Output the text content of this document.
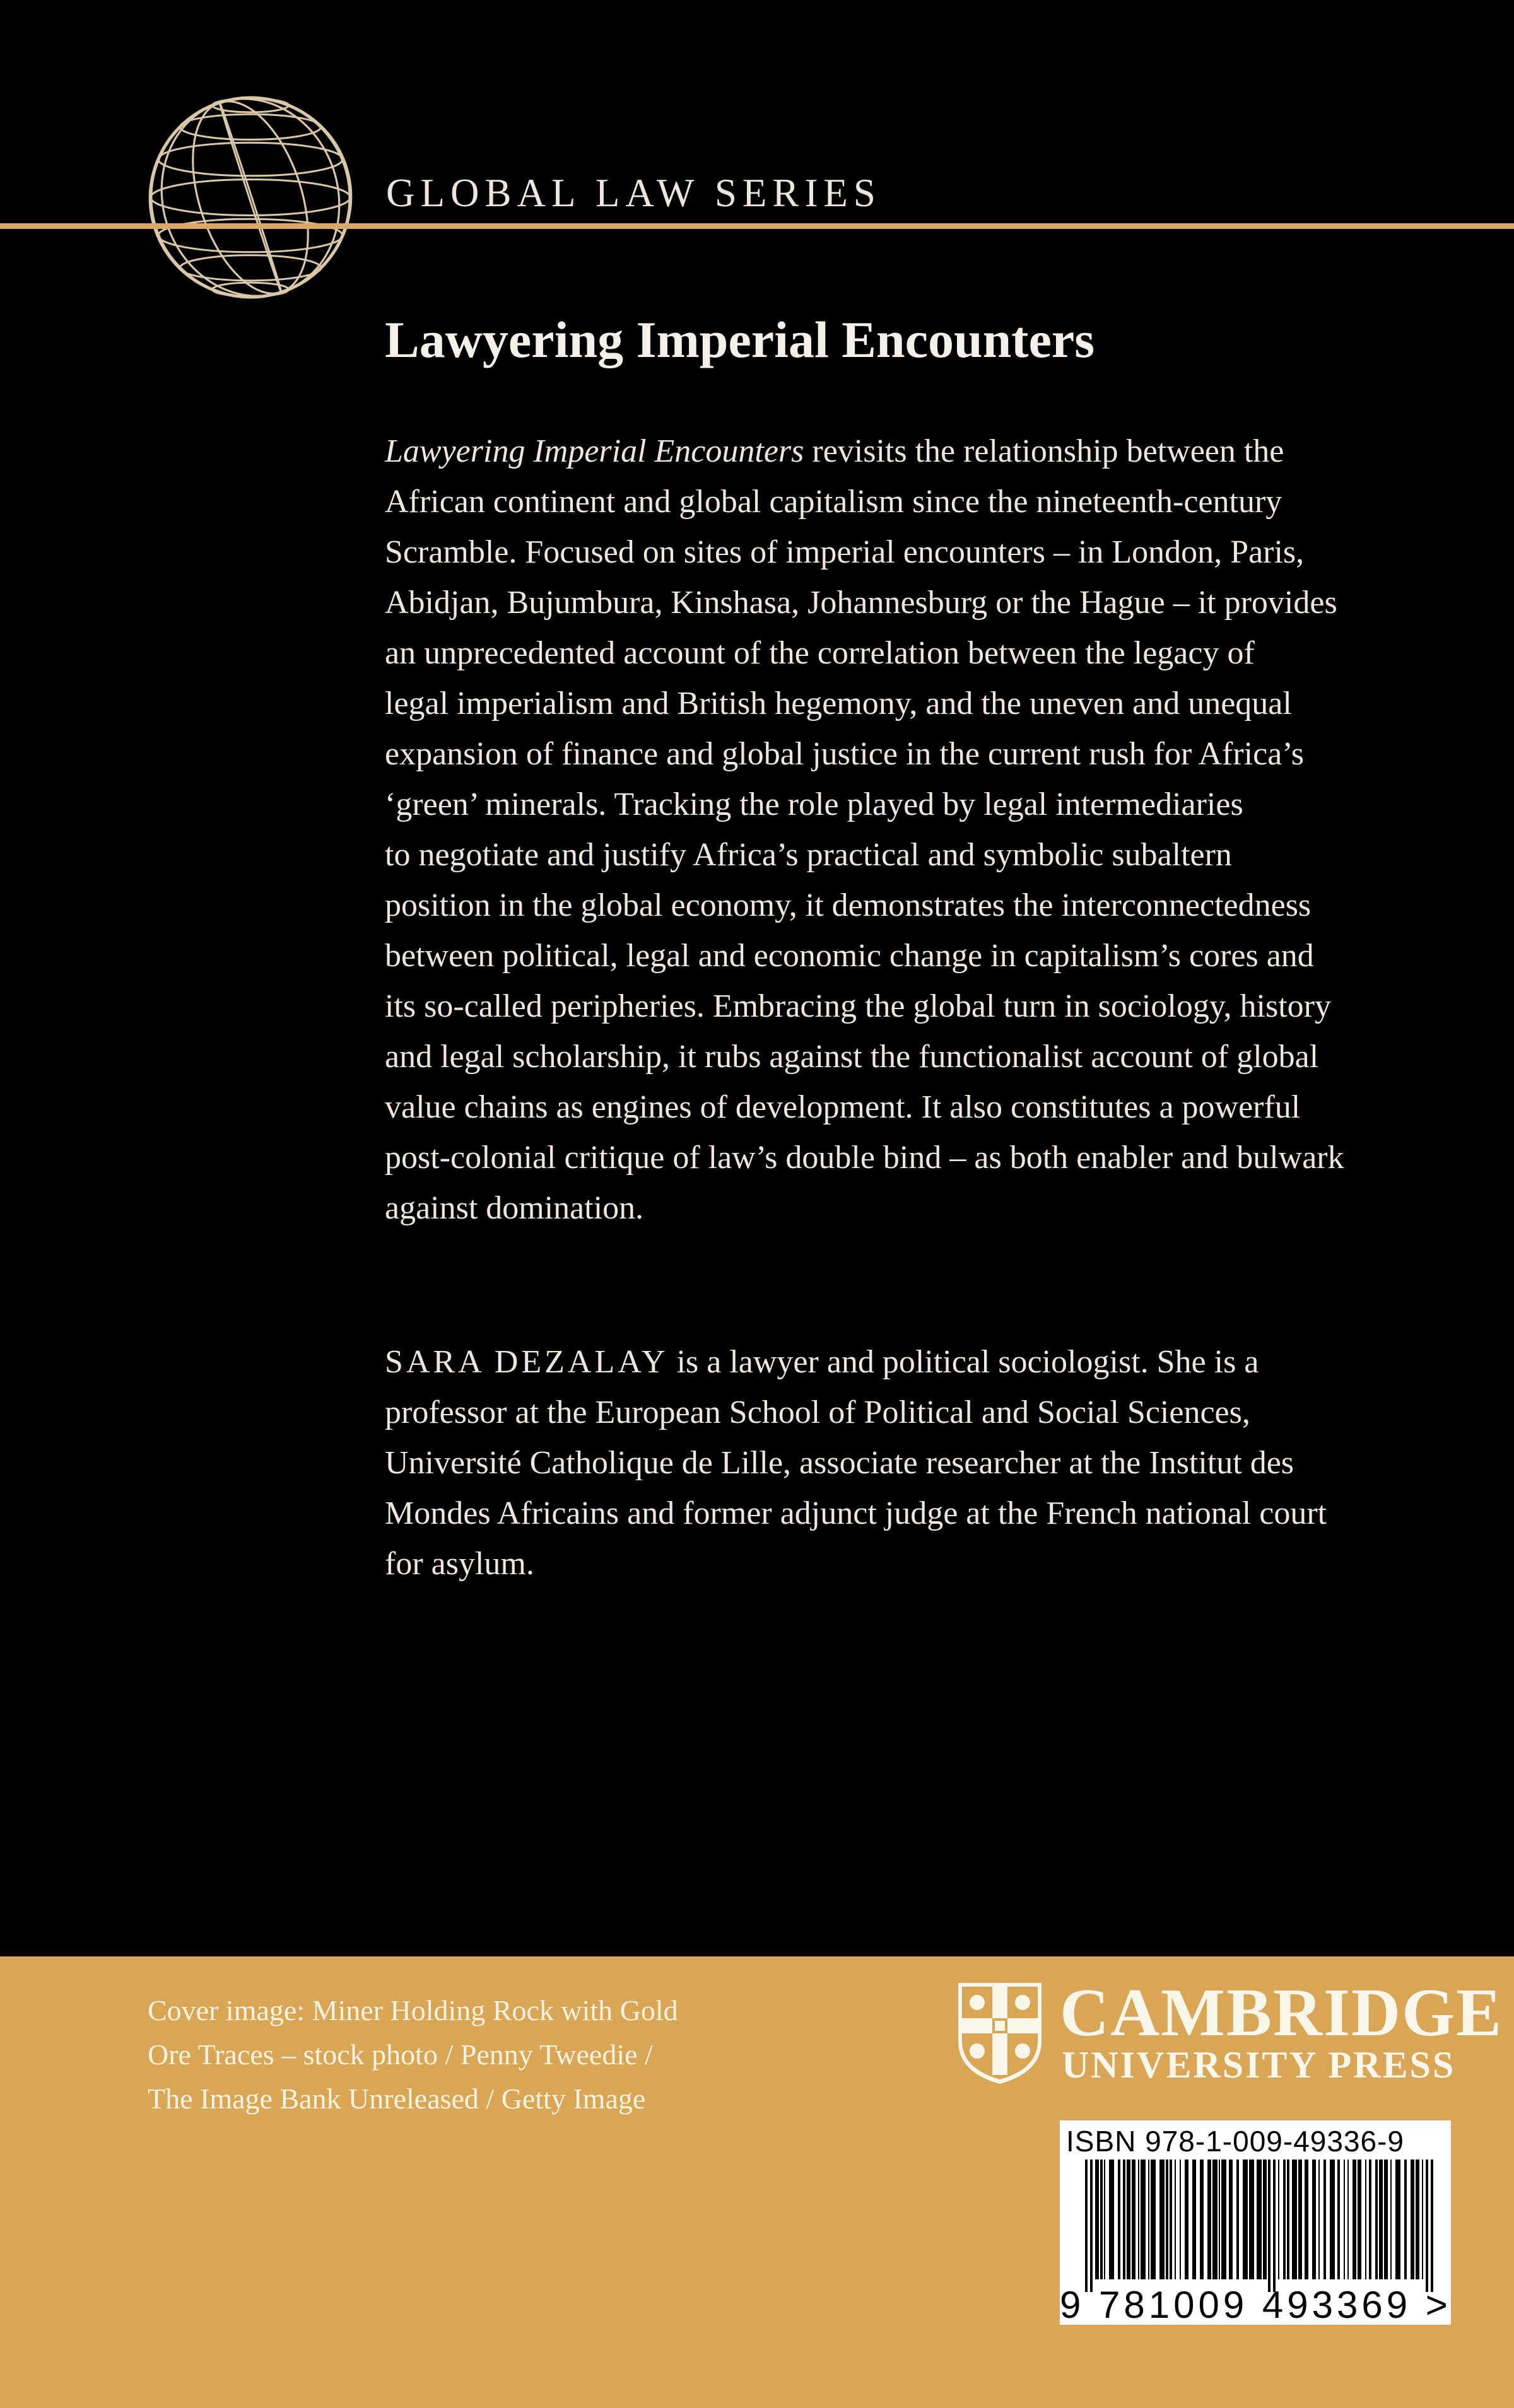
GLOBAL LAW SERIES
Lawyering Imperial Encounters
Lawyering Imperial Encounters revisits the relationship between the
African continent and global capitalism since the nineteenth-century
Scramble. Focused on sites of imperial encounters – in London, Paris,
Abidjan, Bujumbura, Kinshasa, Johannesburg or the Hague – it provides
an unprecedented account of the correlation between the legacy of
legal imperialism and British hegemony, and the uneven and unequal
expansion of finance and global justice in the current rush for Africa’s
‘green’ minerals. Tracking the role played by legal intermediaries
to negotiate and justify Africa’s practical and symbolic subaltern
position in the global economy, it demonstrates the interconnectedness
between political, legal and economic change in capitalism’s cores and
its so-called peripheries. Embracing the global turn in sociology, history
and legal scholarship, it rubs against the functionalist account of global
value chains as engines of development. It also constitutes a powerful
post-colonial critique of law’s double bind – as both enabler and bulwark
against domination.
SARA DEZALAY is a lawyer and political sociologist. She is a
professor at the European School of Political and Social Sciences,
Université Catholique de Lille, associate researcher at the Institut des
Mondes Africains and former adjunct judge at the French national court
for asylum.
Cover image: Miner Holding Rock with Gold
Ore Traces – stock photo / Penny Tweedie /
The Image Bank Unreleased / Getty Image
CAMBRIDGE
UNIVERSITY PRESS
ISBN 978-1-009-49336-9
9 781009 493369 >
